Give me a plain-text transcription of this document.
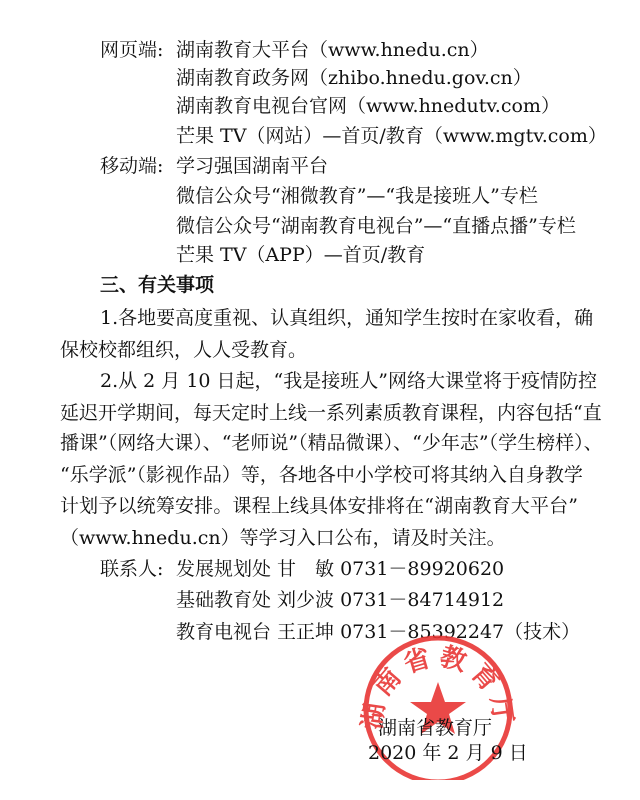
网页端: 湖南教育大平台（www.hnedu.cn）
湖南教育政务网（zhibo.hnedu.gov.cn）
湖南教育电视台官网（www.hnedutv.com）
芒果 TV（网站）—首页/教育（www.mgtv.com）
移动端: 学习强国湖南平台
微信公众号“湘微教育”—“我是接班人”专栏
微信公众号“湖南教育电视台”—“直播点播”专栏
芒果 TV（APP）—首页/教育
三、有关事项
1.各地要高度重视、认真组织，通知学生按时在家收看，确
保校校都组织，人人受教育。
2.从 2 月 10 日起，“我是接班人”网络大课堂将于疫情防控
延迟开学期间，每天定时上线一系列素质教育课程，内容包括“直
播课”（网络大课）、“老师说”（精品微课）、“少年志”（学生榜样）、
“乐学派”（影视作品）等，各地各中小学校可将其纳入自身教学
计划予以统筹安排。课程上线具体安排将在“湖南教育大平台”
（www.hnedu.cn）等学习入口公布，请及时关注。
联系人: 发展规划处 甘　敏 0731－89920620
基础教育处 刘少波 0731－84714912
教育电视台 王正坤 0731－85392247（技术）
湖南省教育厅
湖南省教育厅
2020 年 2 月 9 日
